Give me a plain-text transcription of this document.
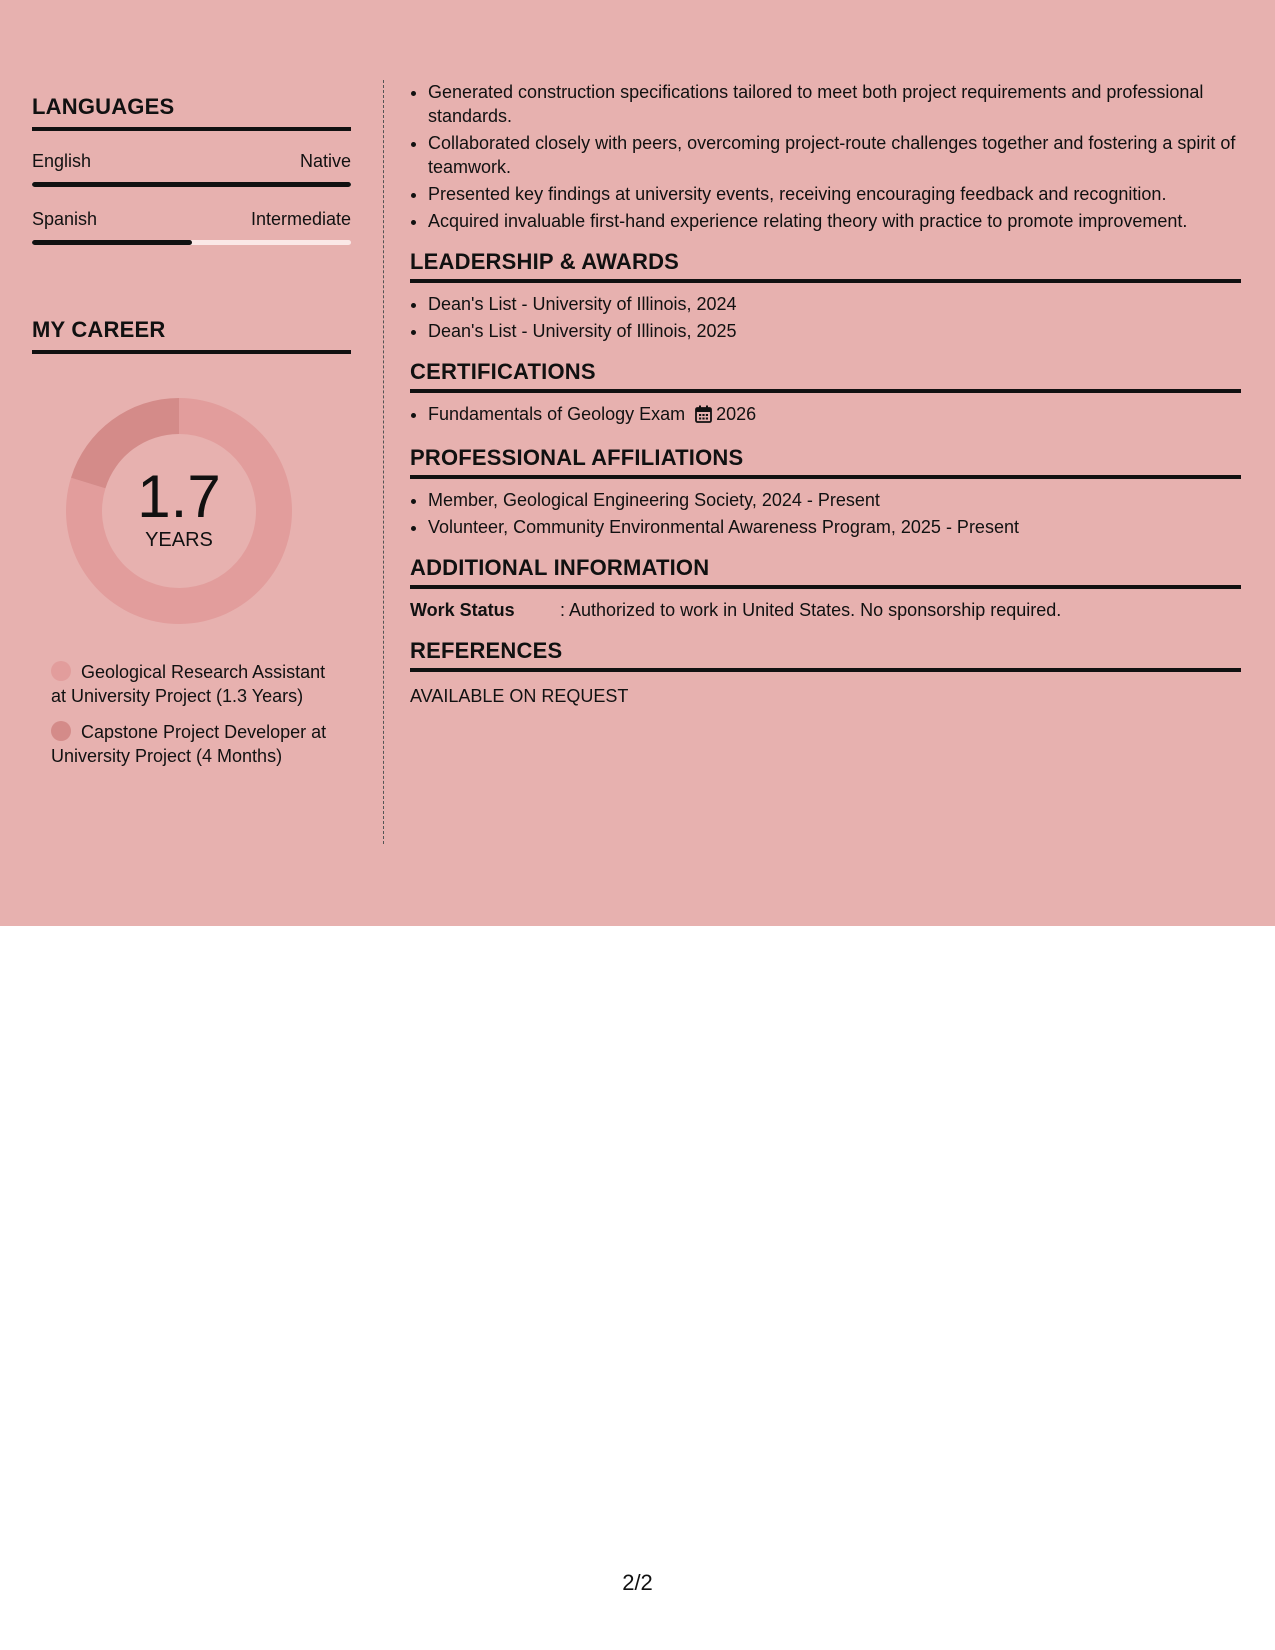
LANGUAGES
English	Native
Spanish	Intermediate
MY CAREER
1.7
YEARS
Geological Research Assistant at University Project (1.3 Years)
Capstone Project Developer at University Project (4 Months)
• Generated construction specifications tailored to meet both project requirements and professional standards.
• Collaborated closely with peers, overcoming project-route challenges together and fostering a spirit of teamwork.
• Presented key findings at university events, receiving encouraging feedback and recognition.
• Acquired invaluable first-hand experience relating theory with practice to promote improvement.
LEADERSHIP & AWARDS
• Dean's List - University of Illinois, 2024
• Dean's List - University of Illinois, 2025
CERTIFICATIONS
• Fundamentals of Geology Exam 2026
PROFESSIONAL AFFILIATIONS
• Member, Geological Engineering Society, 2024 - Present
• Volunteer, Community Environmental Awareness Program, 2025 - Present
ADDITIONAL INFORMATION
Work Status	: Authorized to work in United States. No sponsorship required.
REFERENCES
AVAILABLE ON REQUEST
2/2
